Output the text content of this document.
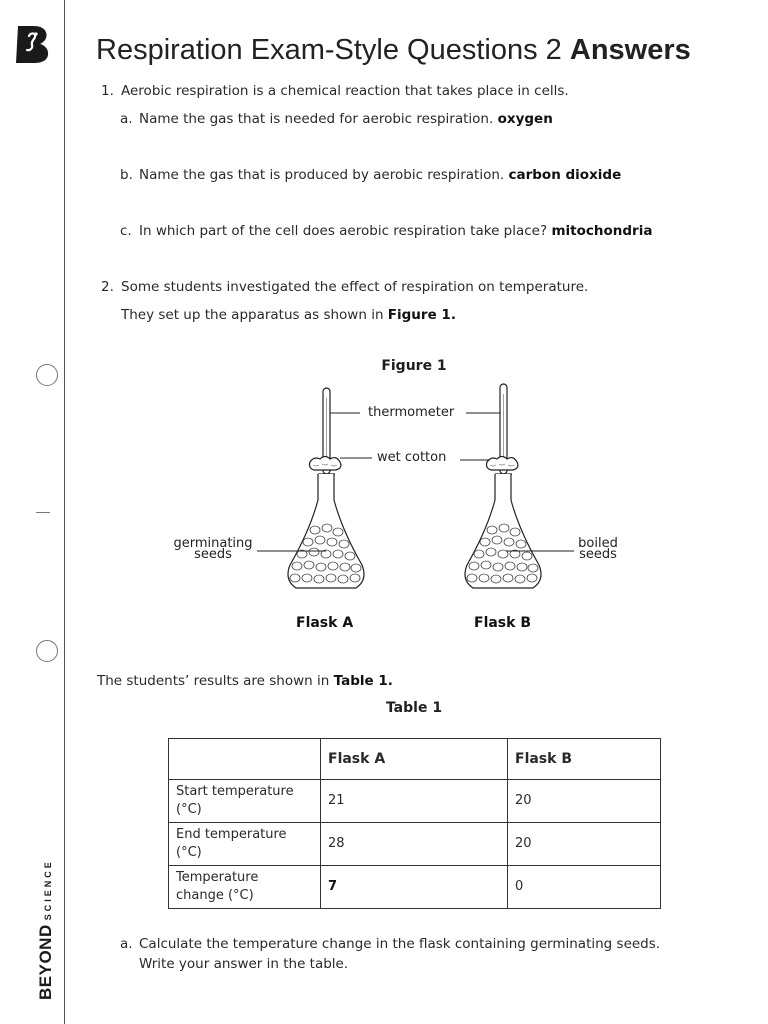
BEYONDSCIENCE
Respiration Exam-Style Questions 2 Answers
1. Aerobic respiration is a chemical reaction that takes place in cells.
a. Name the gas that is needed for aerobic respiration. oxygen
b. Name the gas that is produced by aerobic respiration. carbon dioxide
c. In which part of the cell does aerobic respiration take place? mitochondria
2. Some students investigated the effect of respiration on temperature.
They set up the apparatus as shown in Figure 1.
Figure 1
thermometer
wet cotton
germinating
seeds
boiled
seeds
Flask A	Flask B
The students’ results are shown in Table 1.
Table 1
	Flask A	Flask B

Start temperature
(°C)	21	20

End temperature
(°C)	28	20

Temperature
change (°C)	7	0
a. Calculate the temperature change in the flask containing germinating seeds.
Write your answer in the table.
